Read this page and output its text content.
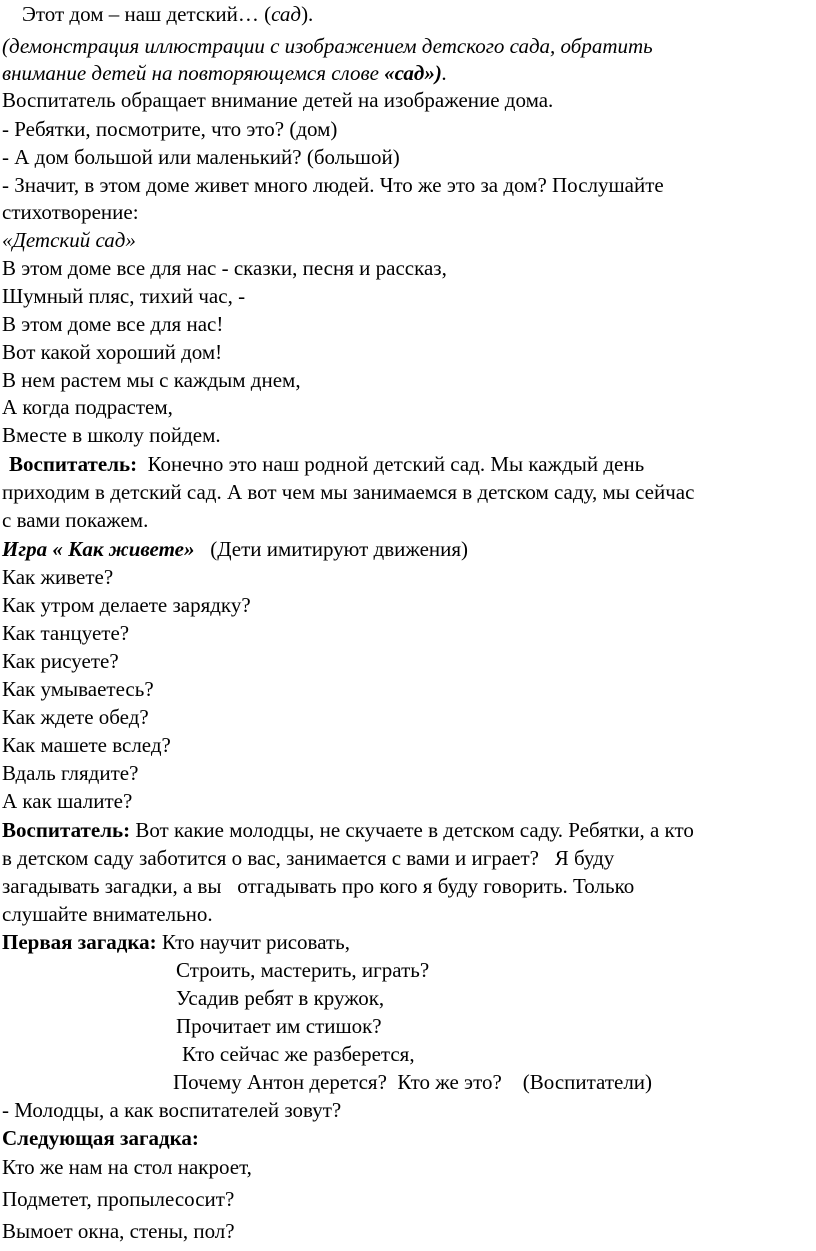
Этот дом – наш детский… (сад).
(демонстрация иллюстрации с изображением детского сада, обратить
внимание детей на повторяющемся слове «сад»).
Воспитатель обращает внимание детей на изображение дома.
- Ребятки, посмотрите, что это? (дом)
- А дом большой или маленький? (большой)
- Значит, в этом доме живет много людей. Что же это за дом? Послушайте
стихотворение:
«Детский сад»
В этом доме все для нас - сказки, песня и рассказ,
Шумный пляс, тихий час, -
В этом доме все для нас!
Вот какой хороший дом!
В нем растем мы с каждым днем,
А когда подрастем,
Вместе в школу пойдем.
Воспитатель:  Конечно это наш родной детский сад. Мы каждый день
приходим в детский сад. А вот чем мы занимаемся в детском саду, мы сейчас
с вами покажем.
Игра « Как живете»   (Дети имитируют движения)
Как живете?
Как утром делаете зарядку?
Как танцуете?
Как рисуете?
Как умываетесь?
Как ждете обед?
Как машете вслед?
Вдаль глядите?
А как шалите?
Воспитатель: Вот какие молодцы, не скучаете в детском саду. Ребятки, а кто
в детском саду заботится о вас, занимается с вами и играет?   Я буду
загадывать загадки, а вы   отгадывать про кого я буду говорить. Только
слушайте внимательно.
Первая загадка: Кто научит рисовать,
Строить, мастерить, играть?
Усадив ребят в кружок,
Прочитает им стишок?
Кто сейчас же разберется,
Почему Антон дерется?  Кто же это?    (Воспитатели)
- Молодцы, а как воспитателей зовут?
Следующая загадка:
Кто же нам на стол накроет,
Подметет, пропылесосит?
Вымоет окна, стены, пол?
